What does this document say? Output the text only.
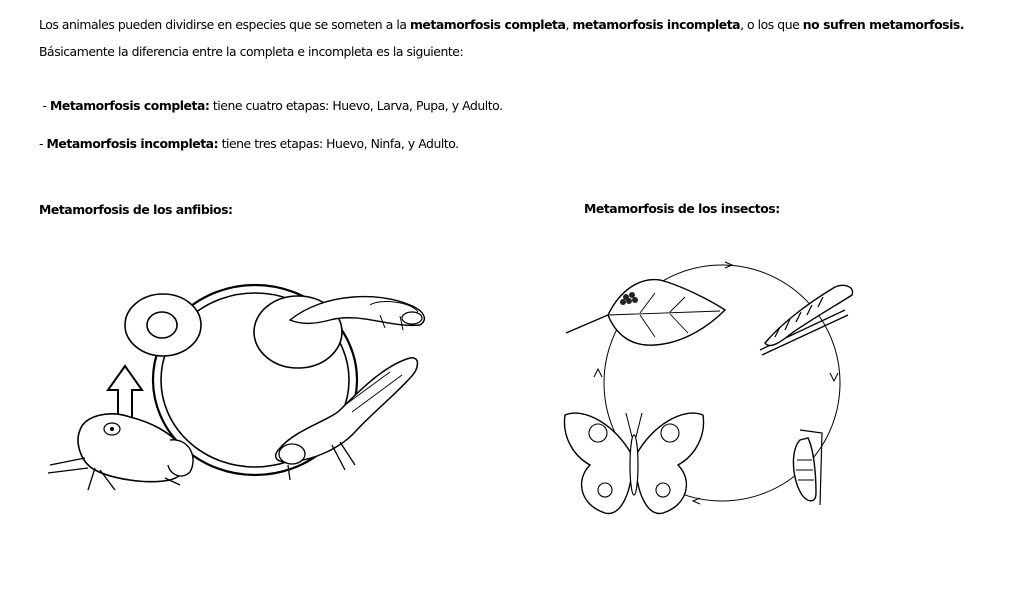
Los animales pueden dividirse en especies que se someten a la metamorfosis completa, metamorfosis incompleta, o los que no sufren metamorfosis.
Básicamente la diferencia entre la completa e incompleta es la siguiente:
- Metamorfosis completa: tiene cuatro etapas: Huevo, Larva, Pupa, y Adulto.
- Metamorfosis incompleta: tiene tres etapas: Huevo, Ninfa, y Adulto.
Metamorfosis de los anfibios:	Metamorfosis de los insectos:
